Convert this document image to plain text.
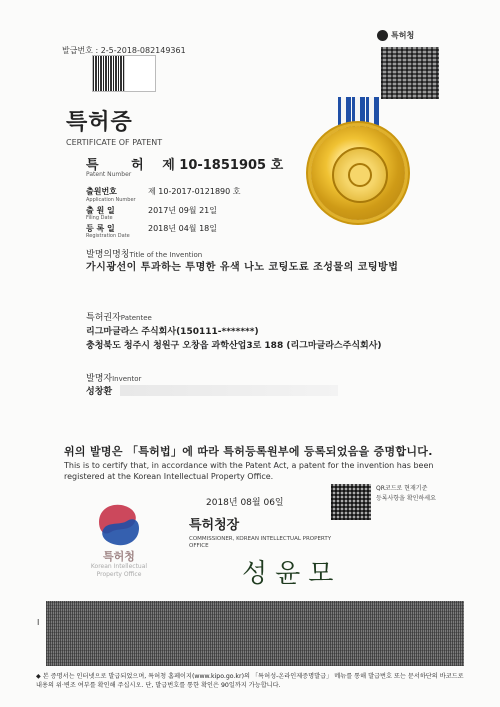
발급번호 : 2-5-2018-082149361
특허청
특허증
CERTIFICATE OF PATENT
특 허 제 10-1851905 호
Patent Number
출원번호	제 10-2017-0121890 호
Application Number
출 원 일	2017년 09월 21일
Filing Date
등 록 일	2018년 04월 18일
Registration Date
발명의명칭Title of the Invention
가시광선이 투과하는 투명한 유색 나노 코팅도료 조성물의 코팅방법
특허권자Patentee
리그마글라스 주식회사(150111-*******)
충청북도 청주시 청원구 오창읍 과학산업3로 188 (리그마글라스주식회사)
발명자Inventor
성창환
위의 발명은 「특허법」에 따라 특허등록원부에 등록되었음을 증명합니다.
This is to certify that, in accordance with the Patent Act, a patent for the invention has been registered at the Korean Intellectual Property Office.
2018년 08월 06일
QR코드로 현재기준
등록사항을 확인하세요
특허청장
COMMISSIONER, KOREAN INTELLECTUAL PROPERTY OFFICE
성윤모
특허청
Korean Intellectual Property Office
I
◆ 본 증명서는 인터넷으로 발급되었으며, 특허청 홈페이지(www.kipo.go.kr)의 「특허성-온라인제증명발급」 메뉴를 통해 발급번호 또는 문서하단의 바코드로 내용의 위·변조 여부를 확인해 주십시오. 단, 발급번호를 통한 확인은 90일까지 가능합니다.
